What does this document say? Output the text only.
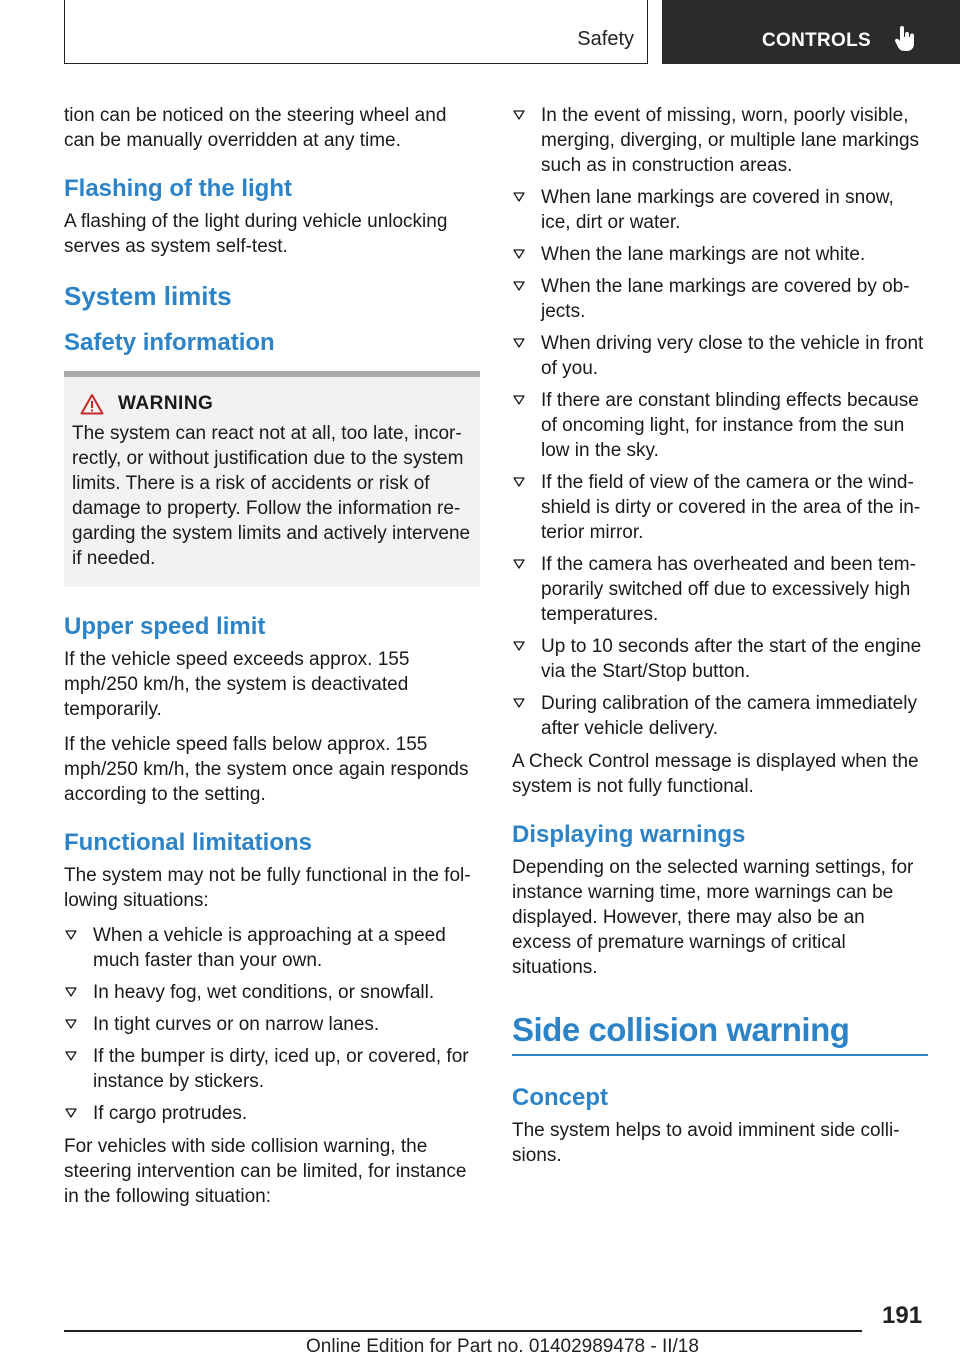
Safety	CONTROLS

tion can be noticed on the steering wheel and can be manually overridden at any time.

Flashing of the light

A flashing of the light during vehicle unlocking serves as system self-test.

System limits
Safety information
WARNING

The system can react not at all, too late, incorrectly, or without justification due to the system limits. There is a risk of accidents or risk of damage to property. Follow the information regarding the system limits and actively intervene if needed.

Upper speed limit

If the vehicle speed exceeds approx. 155 mph/250 km/h, the system is deactivated temporarily.

If the vehicle speed falls below approx. 155 mph/250 km/h, the system once again responds according to the setting.

Functional limitations

The system may not be fully functional in the following situations:

When a vehicle is approaching at a speed much faster than your own.
In heavy fog, wet conditions, or snowfall.
In tight curves or on narrow lanes.
If the bumper is dirty, iced up, or covered, for instance by stickers.
If cargo protrudes.

For vehicles with side collision warning, the steering intervention can be limited, for instance in the following situation:

In the event of missing, worn, poorly visible, merging, diverging, or multiple lane markings such as in construction areas.
When lane markings are covered in snow, ice, dirt or water.
When the lane markings are not white.
When the lane markings are covered by objects.
When driving very close to the vehicle in front of you.
If there are constant blinding effects because of oncoming light, for instance from the sun low in the sky.
If the field of view of the camera or the windshield is dirty or covered in the area of the interior mirror.
If the camera has overheated and been temporarily switched off due to excessively high temperatures.
Up to 10 seconds after the start of the engine via the Start/Stop button.
During calibration of the camera immediately after vehicle delivery.

A Check Control message is displayed when the system is not fully functional.

Displaying warnings

Depending on the selected warning settings, for instance warning time, more warnings can be displayed. However, there may also be an excess of premature warnings of critical situations.

Side collision warning
Concept

The system helps to avoid imminent side collisions.

191
Online Edition for Part no. 01402989478 - II/18
